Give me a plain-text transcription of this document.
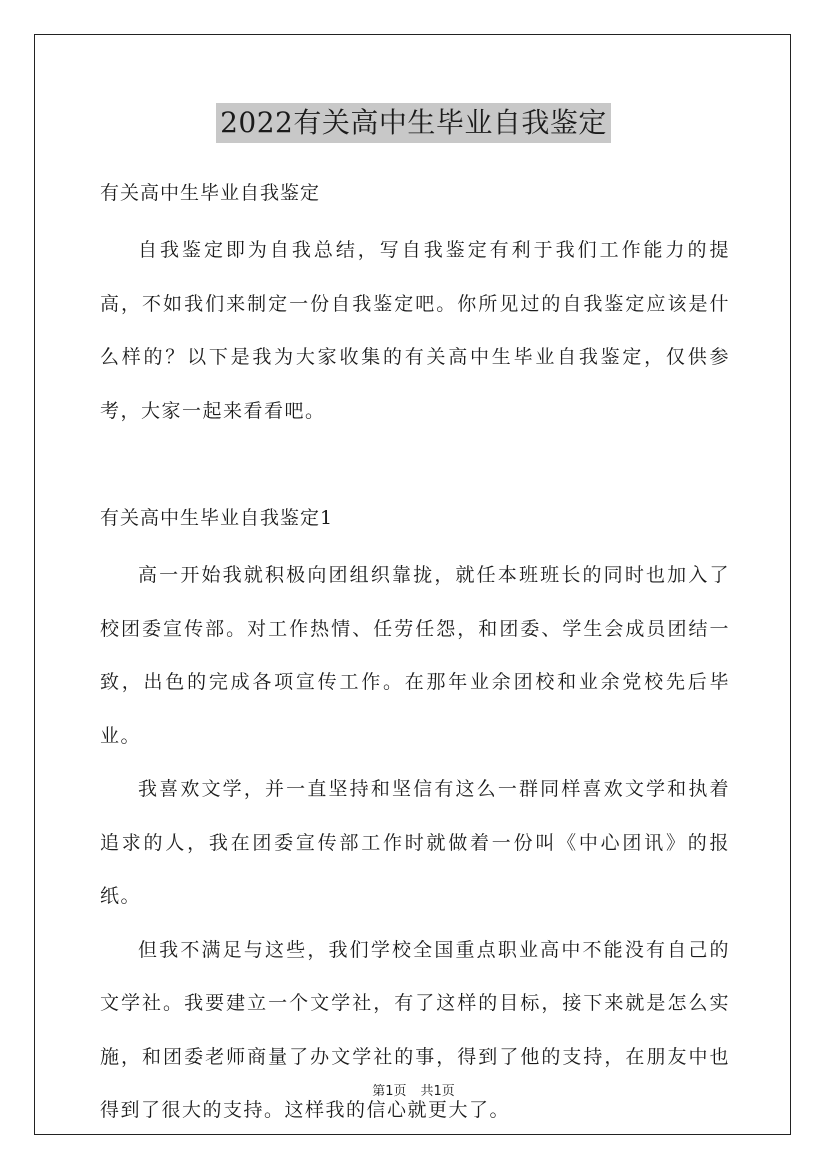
2022有关高中生毕业自我鉴定

有关高中生毕业自我鉴定

自我鉴定即为自我总结，写自我鉴定有利于我们工作能力的提高，不如我们来制定一份自我鉴定吧。你所见过的自我鉴定应该是什么样的？以下是我为大家收集的有关高中生毕业自我鉴定，仅供参考，大家一起来看看吧。

有关高中生毕业自我鉴定1

高一开始我就积极向团组织靠拢，就任本班班长的同时也加入了校团委宣传部。对工作热情、任劳任怨，和团委、学生会成员团结一致，出色的完成各项宣传工作。在那年业余团校和业余党校先后毕业。

我喜欢文学，并一直坚持和坚信有这么一群同样喜欢文学和执着追求的人，我在团委宣传部工作时就做着一份叫《中心团讯》的报纸。

但我不满足与这些，我们学校全国重点职业高中不能没有自己的文学社。我要建立一个文学社，有了这样的目标，接下来就是怎么实施，和团委老师商量了办文学社的事，得到了他的支持，在朋友中也得到了很大的支持。这样我的信心就更大了。

第1页 共1页
